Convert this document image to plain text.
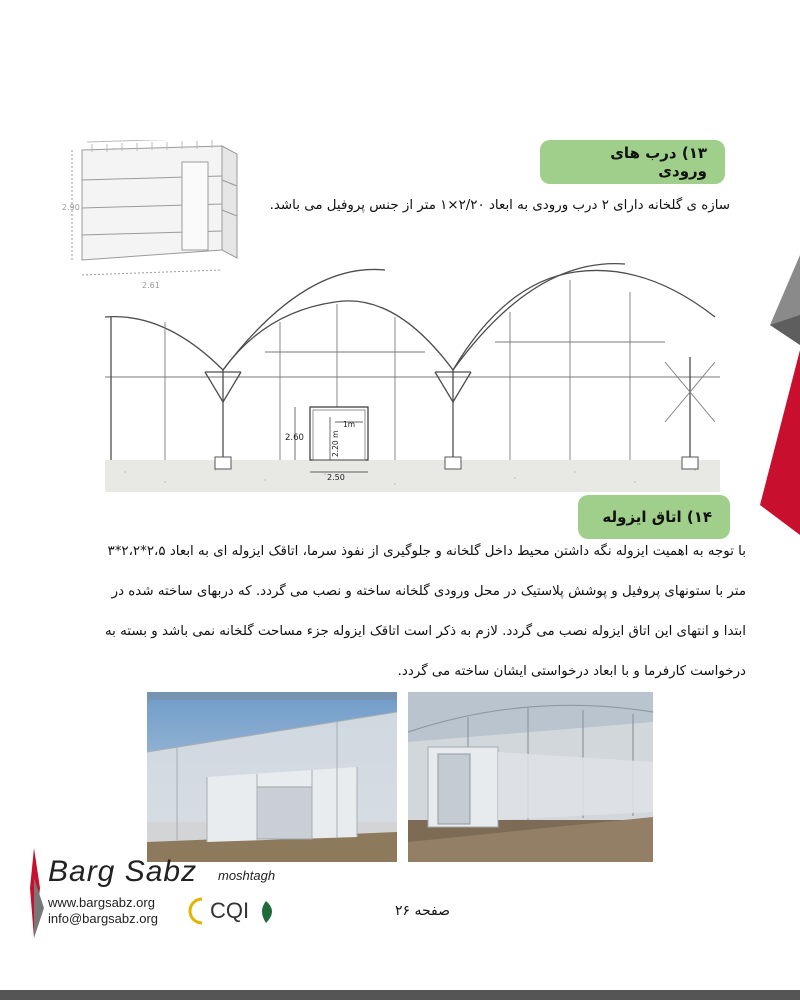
2.90
2.61
۱۳) درب های ورودی
سازه ی گلخانه دارای ۲ درب ورودی به ابعاد ۲/۲۰×۱ متر از جنس پروفیل می باشد.
2.60	2.20 m
1m
2.50
۱۴) اتاق ایزوله
با توجه به اهمیت ایزوله نگه داشتن محیط داخل گلخانه و جلوگیری از نفوذ سرما، اتاقک ایزوله ای به ابعاد ۲،۵*۲،۲*۳
متر با ستونهای پروفیل و پوشش پلاستیک در محل ورودی گلخانه ساخته و نصب می گردد. که دربهای ساخته شده در
ابتدا و انتهای این اتاق ایزوله نصب می گردد. لازم به ذکر است اتاقک ایزوله جزء مساحت گلخانه نمی باشد و بسته به
درخواست کارفرما و با ابعاد درخواستی ایشان ساخته می گردد.
Barg Sabz moshtagh
www.bargsabz.org
info@bargsabz.org CQI	صفحه ۲۶
